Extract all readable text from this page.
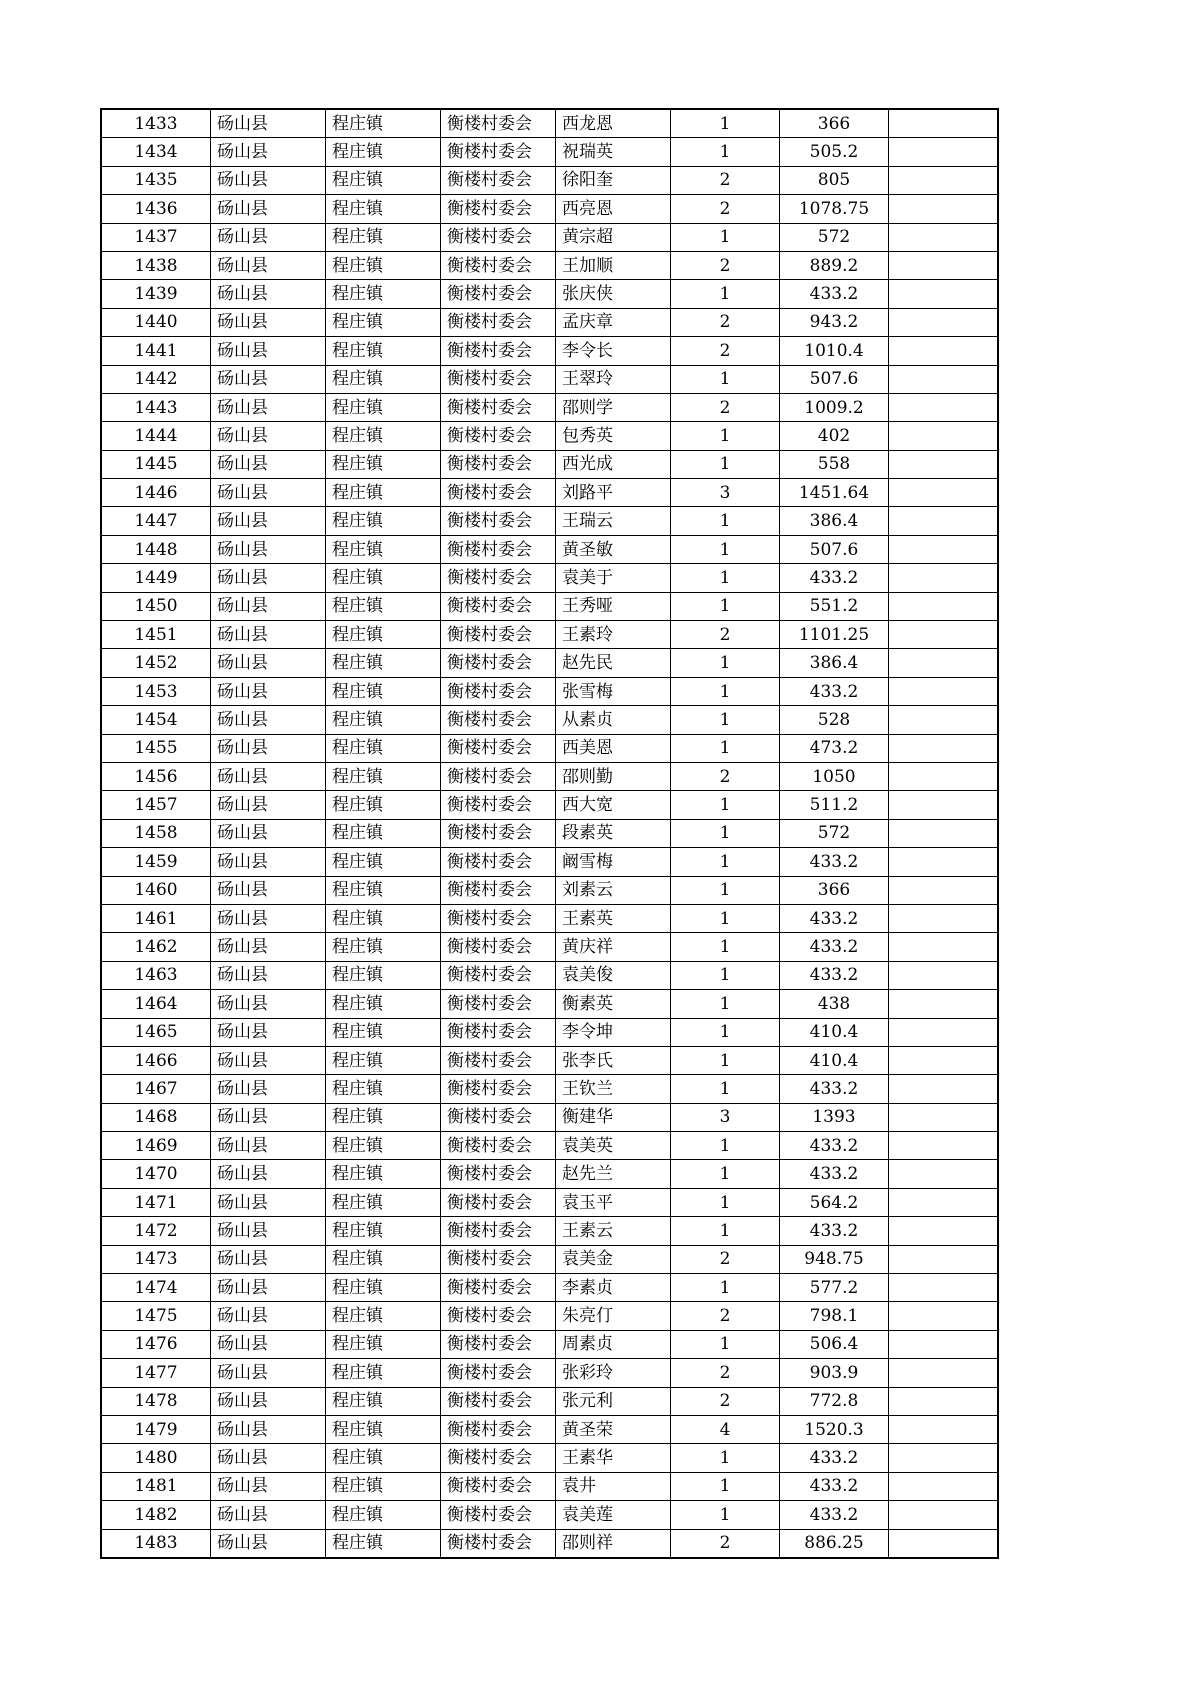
1433	砀山县	程庄镇	衡楼村委会	西龙恩	1	366	
1434	砀山县	程庄镇	衡楼村委会	祝瑞英	1	505.2	
1435	砀山县	程庄镇	衡楼村委会	徐阳奎	2	805	
1436	砀山县	程庄镇	衡楼村委会	西亮恩	2	1078.75	
1437	砀山县	程庄镇	衡楼村委会	黄宗超	1	572	
1438	砀山县	程庄镇	衡楼村委会	王加顺	2	889.2	
1439	砀山县	程庄镇	衡楼村委会	张庆侠	1	433.2	
1440	砀山县	程庄镇	衡楼村委会	孟庆章	2	943.2	
1441	砀山县	程庄镇	衡楼村委会	李令长	2	1010.4	
1442	砀山县	程庄镇	衡楼村委会	王翠玲	1	507.6	
1443	砀山县	程庄镇	衡楼村委会	邵则学	2	1009.2	
1444	砀山县	程庄镇	衡楼村委会	包秀英	1	402	
1445	砀山县	程庄镇	衡楼村委会	西光成	1	558	
1446	砀山县	程庄镇	衡楼村委会	刘路平	3	1451.64	
1447	砀山县	程庄镇	衡楼村委会	王瑞云	1	386.4	
1448	砀山县	程庄镇	衡楼村委会	黄圣敏	1	507.6	
1449	砀山县	程庄镇	衡楼村委会	袁美于	1	433.2	
1450	砀山县	程庄镇	衡楼村委会	王秀哑	1	551.2	
1451	砀山县	程庄镇	衡楼村委会	王素玲	2	1101.25	
1452	砀山县	程庄镇	衡楼村委会	赵先民	1	386.4	
1453	砀山县	程庄镇	衡楼村委会	张雪梅	1	433.2	
1454	砀山县	程庄镇	衡楼村委会	从素贞	1	528	
1455	砀山县	程庄镇	衡楼村委会	西美恩	1	473.2	
1456	砀山县	程庄镇	衡楼村委会	邵则勤	2	1050	
1457	砀山县	程庄镇	衡楼村委会	西大宽	1	511.2	
1458	砀山县	程庄镇	衡楼村委会	段素英	1	572	
1459	砀山县	程庄镇	衡楼村委会	阚雪梅	1	433.2	
1460	砀山县	程庄镇	衡楼村委会	刘素云	1	366	
1461	砀山县	程庄镇	衡楼村委会	王素英	1	433.2	
1462	砀山县	程庄镇	衡楼村委会	黄庆祥	1	433.2	
1463	砀山县	程庄镇	衡楼村委会	袁美俊	1	433.2	
1464	砀山县	程庄镇	衡楼村委会	衡素英	1	438	
1465	砀山县	程庄镇	衡楼村委会	李令坤	1	410.4	
1466	砀山县	程庄镇	衡楼村委会	张李氏	1	410.4	
1467	砀山县	程庄镇	衡楼村委会	王钦兰	1	433.2	
1468	砀山县	程庄镇	衡楼村委会	衡建华	3	1393	
1469	砀山县	程庄镇	衡楼村委会	袁美英	1	433.2	
1470	砀山县	程庄镇	衡楼村委会	赵先兰	1	433.2	
1471	砀山县	程庄镇	衡楼村委会	袁玉平	1	564.2	
1472	砀山县	程庄镇	衡楼村委会	王素云	1	433.2	
1473	砀山县	程庄镇	衡楼村委会	袁美金	2	948.75	
1474	砀山县	程庄镇	衡楼村委会	李素贞	1	577.2	
1475	砀山县	程庄镇	衡楼村委会	朱亮仃	2	798.1	
1476	砀山县	程庄镇	衡楼村委会	周素贞	1	506.4	
1477	砀山县	程庄镇	衡楼村委会	张彩玲	2	903.9	
1478	砀山县	程庄镇	衡楼村委会	张元利	2	772.8	
1479	砀山县	程庄镇	衡楼村委会	黄圣荣	4	1520.3	
1480	砀山县	程庄镇	衡楼村委会	王素华	1	433.2	
1481	砀山县	程庄镇	衡楼村委会	袁井	1	433.2	
1482	砀山县	程庄镇	衡楼村委会	袁美莲	1	433.2	
1483	砀山县	程庄镇	衡楼村委会	邵则祥	2	886.25	
